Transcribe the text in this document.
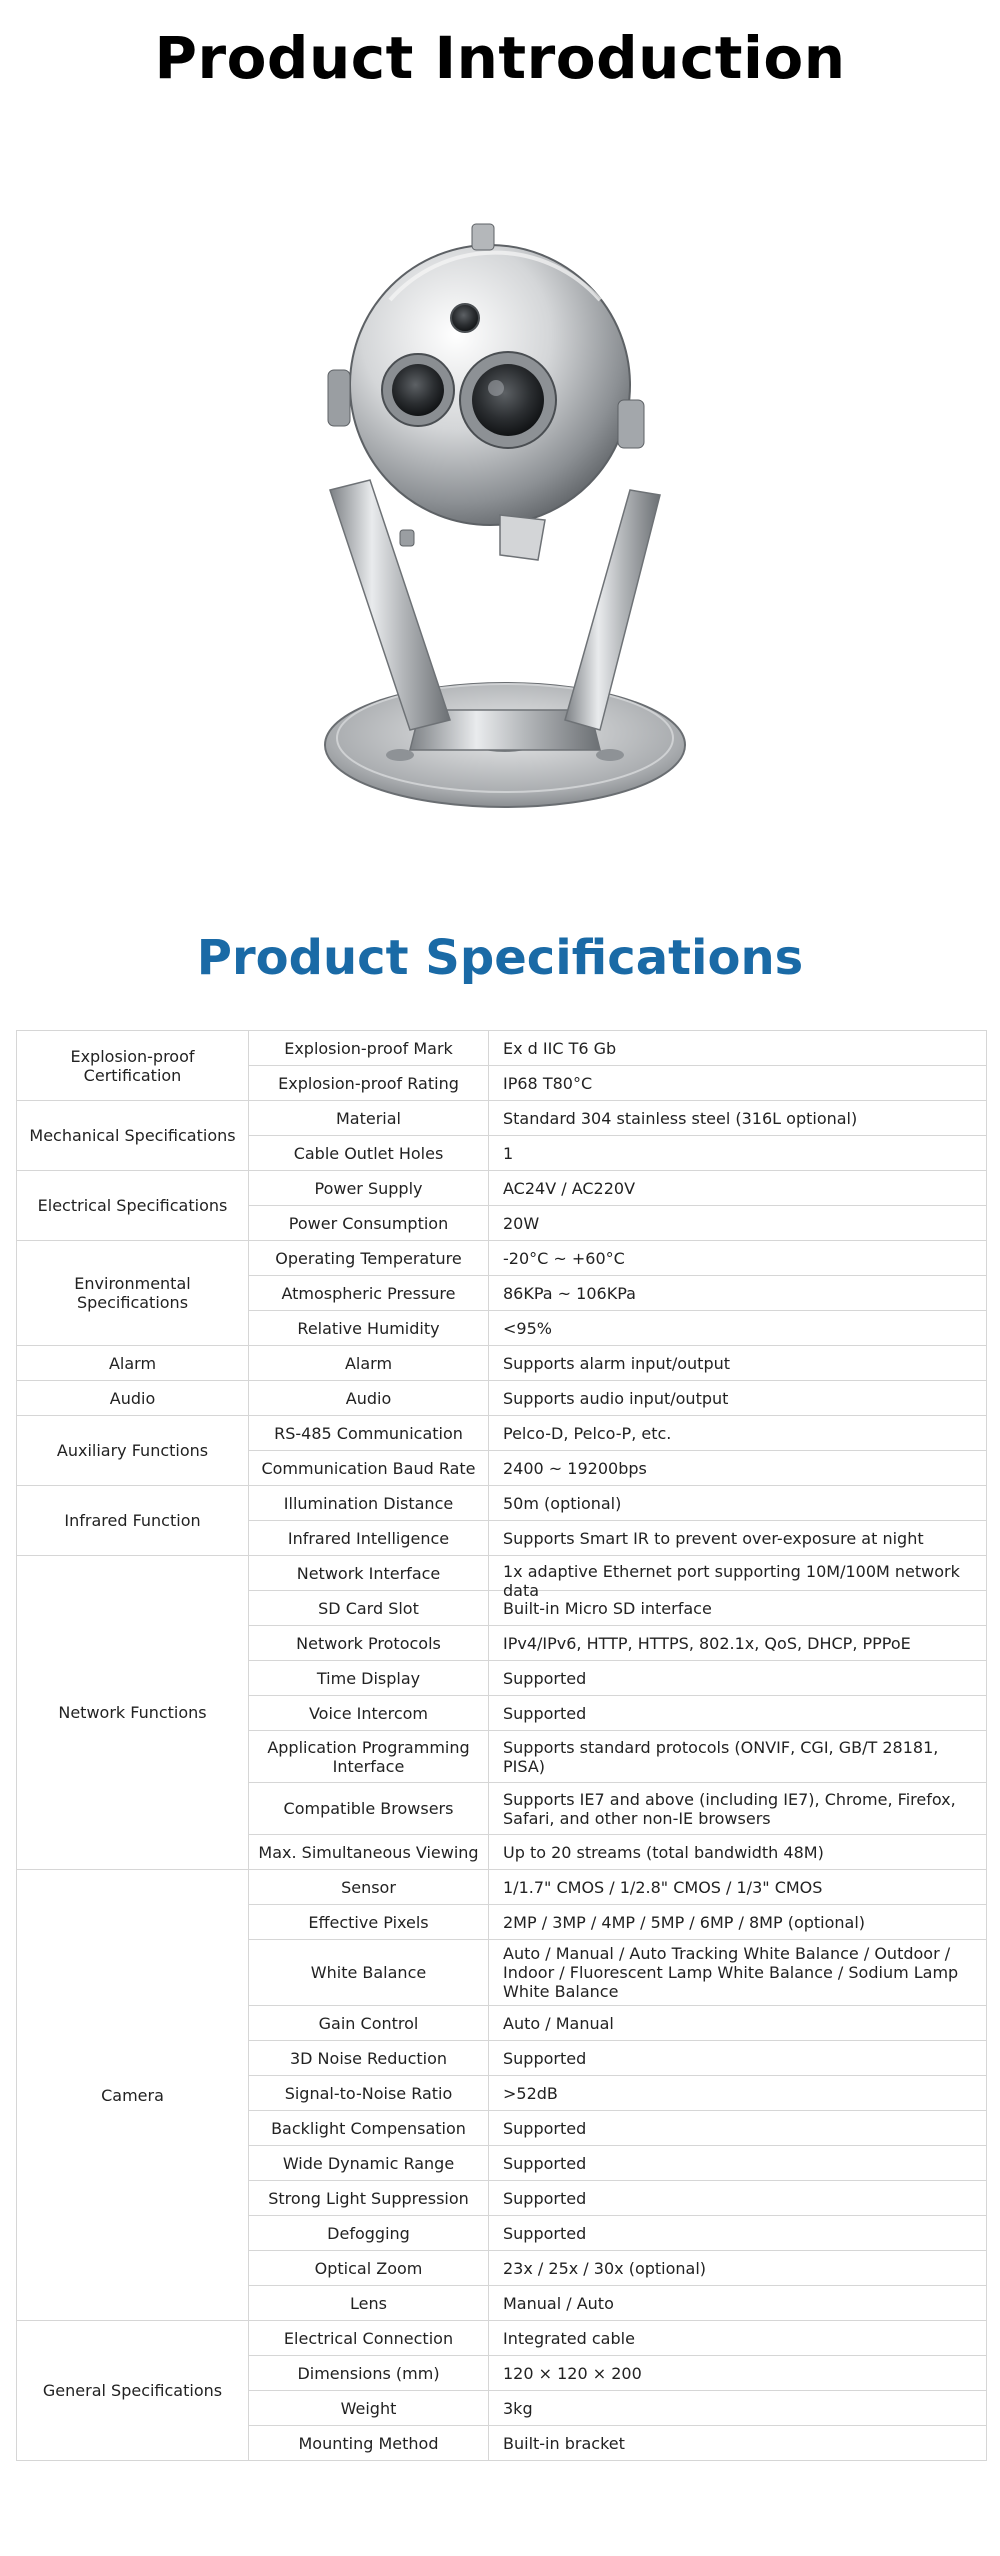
Product Introduction
Product Specifications
Explosion-proof Certification	Explosion-proof Mark	Ex d IIC T6 Gb
	Explosion-proof Rating	IP68 T80°C
Mechanical Specifications	Material	Standard 304 stainless steel (316L optional)
	Cable Outlet Holes	1
Electrical Specifications	Power Supply	AC24V / AC220V
	Power Consumption	20W
Environmental Specifications	Operating Temperature	-20°C ~ +60°C
	Atmospheric Pressure	86KPa ~ 106KPa
	Relative Humidity	<95%
Alarm	Alarm	Supports alarm input/output
Audio	Audio	Supports audio input/output
Auxiliary Functions	RS-485 Communication	Pelco-D, Pelco-P, etc.
	Communication Baud Rate	2400 ~ 19200bps
Infrared Function	Illumination Distance	50m (optional)
	Infrared Intelligence	Supports Smart IR to prevent over-exposure at night
Network Functions	Network Interface	1x adaptive Ethernet port supporting 10M/100M network data

	SD Card Slot	Built-in Micro SD interface
	Network Protocols	IPv4/IPv6, HTTP, HTTPS, 802.1x, QoS, DHCP, PPPoE
	Time Display	Supported
	Voice Intercom	Supported
	Application Programming Interface	Supports standard protocols (ONVIF, CGI, GB/T 28181, PISA)
	Compatible Browsers	Supports IE7 and above (including IE7), Chrome, Firefox, Safari, and other non-IE browsers
	Max. Simultaneous Viewing	Up to 20 streams (total bandwidth 48M)
Camera	Sensor	1/1.7" CMOS / 1/2.8" CMOS / 1/3" CMOS
	Effective Pixels	2MP / 3MP / 4MP / 5MP / 6MP / 8MP (optional)
	White Balance	Auto / Manual / Auto Tracking White Balance / Outdoor / Indoor / Fluorescent Lamp White Balance / Sodium Lamp White Balance
	Gain Control	Auto / Manual
	3D Noise Reduction	Supported
	Signal-to-Noise Ratio	>52dB
	Backlight Compensation	Supported
	Wide Dynamic Range	Supported
	Strong Light Suppression	Supported
	Defogging	Supported
	Optical Zoom	23x / 25x / 30x (optional)
	Lens	Manual / Auto
General Specifications	Electrical Connection	Integrated cable
	Dimensions (mm)	120 × 120 × 200
	Weight	3kg
	Mounting Method	Built-in bracket
